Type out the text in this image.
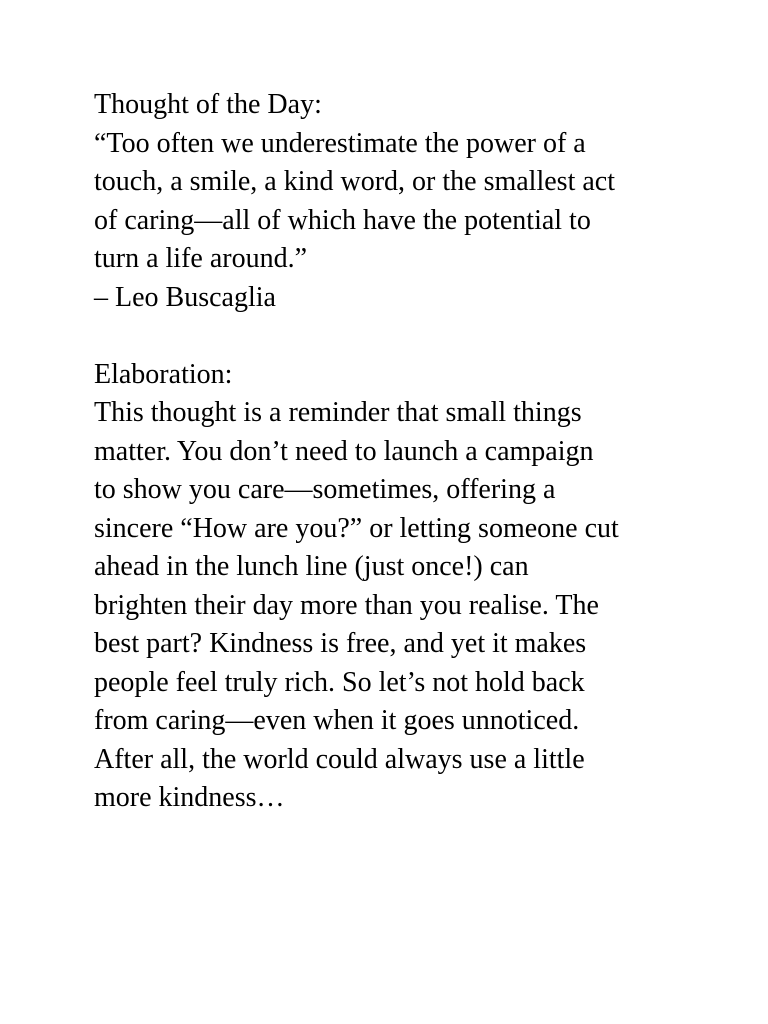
Thought of the Day:
“Too often we underestimate the power of a
touch, a smile, a kind word, or the smallest act
of caring—all of which have the potential to
turn a life around.”
– Leo Buscaglia
Elaboration:
This thought is a reminder that small things
matter. You don’t need to launch a campaign
to show you care—sometimes, offering a
sincere “How are you?” or letting someone cut
ahead in the lunch line (just once!) can
brighten their day more than you realise. The
best part? Kindness is free, and yet it makes
people feel truly rich. So let’s not hold back
from caring—even when it goes unnoticed.
After all, the world could always use a little
more kindness…
